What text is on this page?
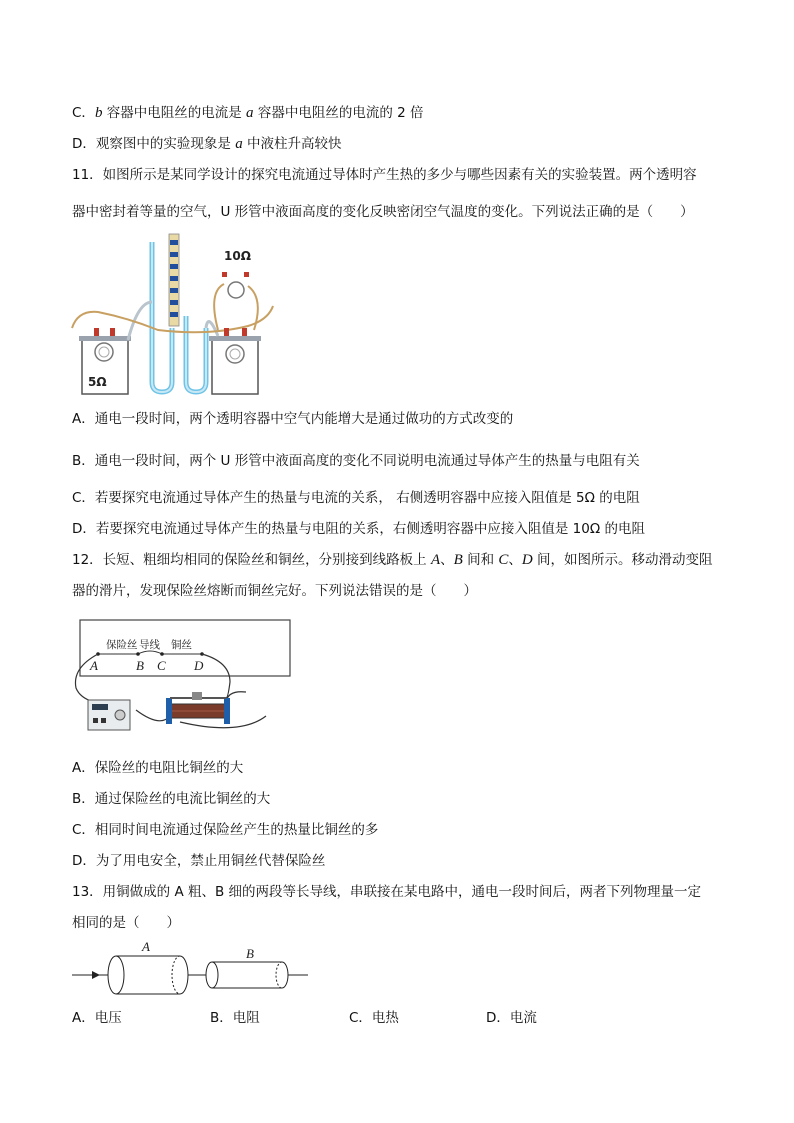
C．b 容器中电阻丝的电流是 a 容器中电阻丝的电流的 2 倍
D．观察图中的实验现象是 a 中液柱升高较快
11．如图所示是某同学设计的探究电流通过导体时产生热的多少与哪些因素有关的实验装置。两个透明容
器中密封着等量的空气，U 形管中液面高度的变化反映密闭空气温度的变化。下列说法正确的是（　　）
5Ω
10Ω
A．通电一段时间，两个透明容器中空气内能增大是通过做功的方式改变的
B．通电一段时间，两个 U 形管中液面高度的变化不同说明电流通过导体产生的热量与电阻有关
C．若要探究电流通过导体产生的热量与电流的关系， 右侧透明容器中应接入阻值是 5Ω 的电阻
D．若要探究电流通过导体产生的热量与电阻的关系，右侧透明容器中应接入阻值是 10Ω 的电阻
12．长短、粗细均相同的保险丝和铜丝，分别接到线路板上 A、B 间和 C、D 间，如图所示。移动滑动变阻
器的滑片，发现保险丝熔断而铜丝完好。下列说法错误的是（　　）
保险丝 导线 铜丝
A	B C D
A．保险丝的电阻比铜丝的大
B．通过保险丝的电流比铜丝的大
C．相同时间电流通过保险丝产生的热量比铜丝的多
D．为了用电安全，禁止用铜丝代替保险丝
13．用铜做成的 A 粗、B 细的两段等长导线，串联接在某电路中，通电一段时间后，两者下列物理量一定
相同的是（　　）
A	B
A．电压	B．电阻	C．电热	D．电流
